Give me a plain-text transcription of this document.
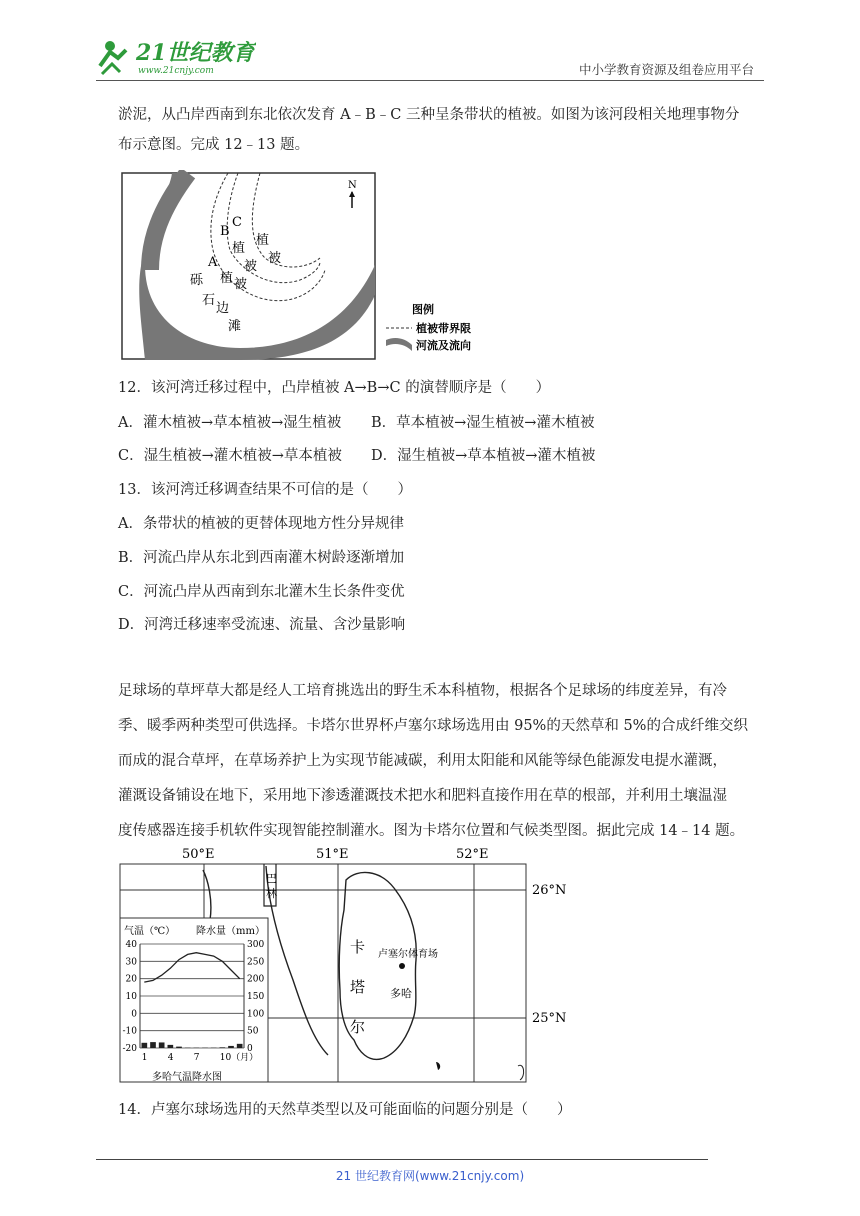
21世纪教育
www.21cnjy.com	中小学教育资源及组卷应用平台
淤泥，从凸岸西南到东北依次发育 A﹣B﹣C 三种呈条带状的植被。如图为该河段相关地理事物分
布示意图。完成 12﹣13 题。
C
B
A
植
被
植
被
植 被
砾
石
边
滩
N
图例
植被带界限
河流及流向
12．该河湾迁移过程中，凸岸植被 A→B→C 的演替顺序是（　　）
A．灌木植被→草本植被→湿生植被 B．草本植被→湿生植被→灌木植被
C．湿生植被→灌木植被→草本植被 D．湿生植被→草本植被→灌木植被
13．该河湾迁移调查结果不可信的是（　　）
A．条带状的植被的更替体现地方性分异规律
B．河流凸岸从东北到西南灌木树龄逐渐增加
C．河流凸岸从西南到东北灌木生长条件变优
D．河湾迁移速率受流速、流量、含沙量影响
足球场的草坪草大都是经人工培育挑选出的野生禾本科植物，根据各个足球场的纬度差异，有冷
季、暖季两种类型可供选择。卡塔尔世界杯卢塞尔球场选用由 95%的天然草和 5%的合成纤维交织
而成的混合草坪，在草场养护上为实现节能减碳，利用太阳能和风能等绿色能源发电提水灌溉，
灌溉设备铺设在地下，采用地下渗透灌溉技术把水和肥料直接作用在草的根部，并利用土壤温湿
度传感器连接手机软件实现智能控制灌水。图为卡塔尔位置和气候类型图。据此完成 14﹣14 题。
50°E	51°E	52°E
26°N
25°N
巴
林
卡
塔
尔
卢塞尔体育场
多哈
气温（℃） 降水量（mm）
40	300
30	250
20	200
10	150
0	100
-10	50
-20	0
1 4 7 10（月）
多哈气温降水图
14．卢塞尔球场选用的天然草类型以及可能面临的问题分别是（　　）
21 世纪教育网(www.21cnjy.com)
